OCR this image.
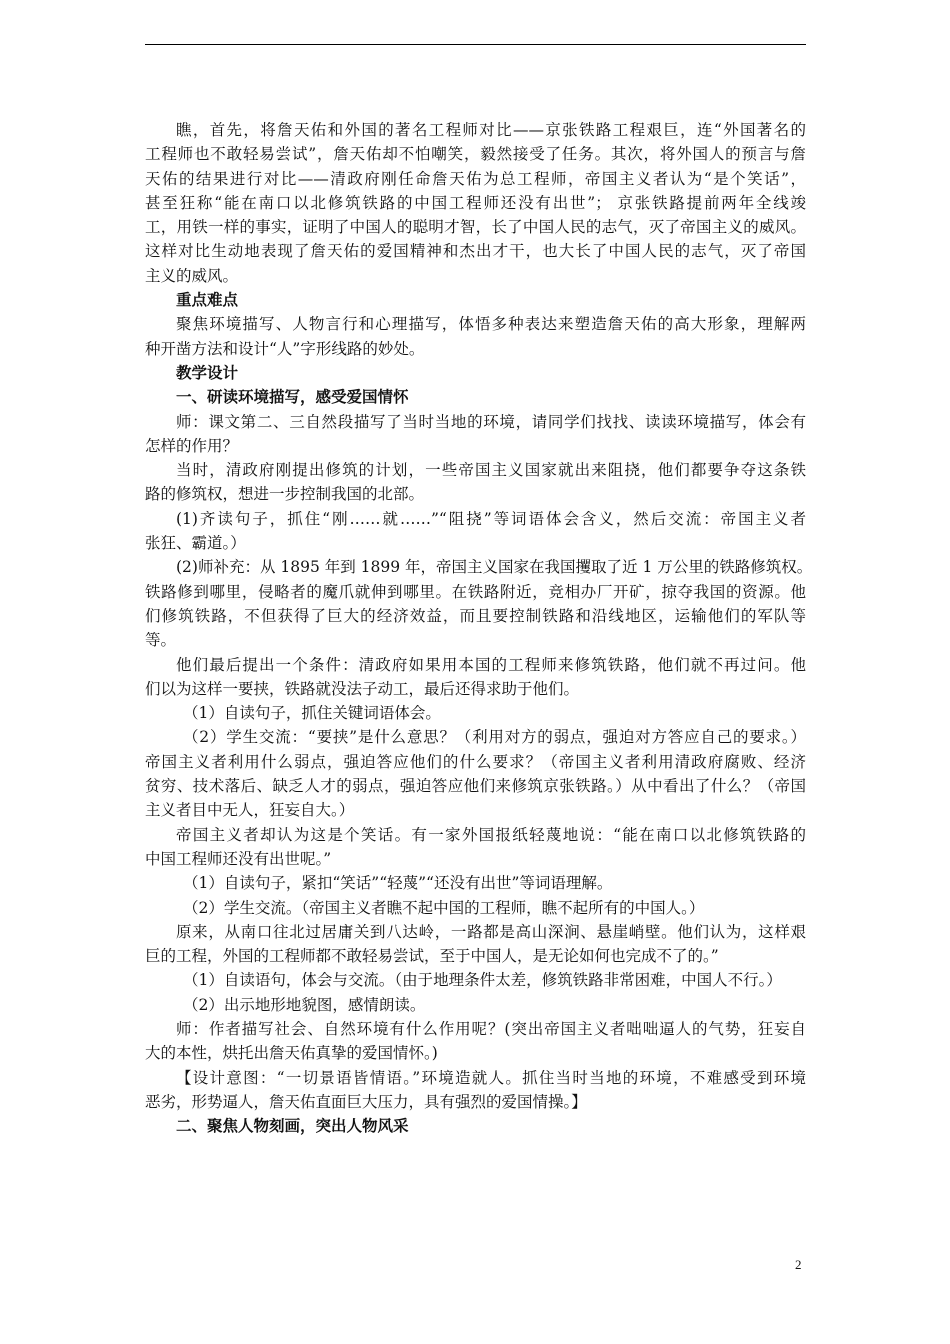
瞧，首先，将詹天佑和外国的著名工程师对比——京张铁路工程艰巨，连“外国著名的
工程师也不敢轻易尝试”，詹天佑却不怕嘲笑，毅然接受了任务。其次，将外国人的预言与詹
天佑的结果进行对比——清政府刚任命詹天佑为总工程师，帝国主义者认为“是个笑话”，
甚至狂称“能在南口以北修筑铁路的中国工程师还没有出世”； 京张铁路提前两年全线竣
工，用铁一样的事实，证明了中国人的聪明才智，长了中国人民的志气，灭了帝国主义的威风。
这样对比生动地表现了詹天佑的爱国精神和杰出才干，也大长了中国人民的志气，灭了帝国
主义的威风。
重点难点
聚焦环境描写、人物言行和心理描写，体悟多种表达来塑造詹天佑的高大形象，理解两
种开凿方法和设计“人”字形线路的妙处。
教学设计
一、研读环境描写，感受爱国情怀
师：课文第二、三自然段描写了当时当地的环境，请同学们找找、读读环境描写，体会有
怎样的作用？
当时，清政府刚提出修筑的计划，一些帝国主义国家就出来阻挠，他们都要争夺这条铁
路的修筑权，想进一步控制我国的北部。
(1)齐读句子，抓住“刚……就……”“阻挠”等词语体会含义，然后交流：帝国主义者
张狂、霸道。）
(2)师补充：从 1895 年到 1899 年，帝国主义国家在我国攫取了近 1 万公里的铁路修筑权。
铁路修到哪里，侵略者的魔爪就伸到哪里。在铁路附近，竞相办厂开矿，掠夺我国的资源。他
们修筑铁路，不但获得了巨大的经济效益，而且要控制铁路和沿线地区，运输他们的军队等
等。
他们最后提出一个条件：清政府如果用本国的工程师来修筑铁路，他们就不再过问。他
们以为这样一要挟，铁路就没法子动工，最后还得求助于他们。
（1）自读句子，抓住关键词语体会。
（2）学生交流：“要挟”是什么意思？（利用对方的弱点，强迫对方答应自己的要求。）
帝国主义者利用什么弱点，强迫答应他们的什么要求？（帝国主义者利用清政府腐败、经济
贫穷、技术落后、缺乏人才的弱点，强迫答应他们来修筑京张铁路。）从中看出了什么？（帝国
主义者目中无人，狂妄自大。）
帝国主义者却认为这是个笑话。有一家外国报纸轻蔑地说：“能在南口以北修筑铁路的
中国工程师还没有出世呢。”
（1）自读句子，紧扣“笑话”“轻蔑”“还没有出世”等词语理解。
（2）学生交流。（帝国主义者瞧不起中国的工程师，瞧不起所有的中国人。）
原来，从南口往北过居庸关到八达岭，一路都是高山深涧、悬崖峭壁。他们认为，这样艰
巨的工程，外国的工程师都不敢轻易尝试，至于中国人，是无论如何也完成不了的。”
（1）自读语句，体会与交流。（由于地理条件太差，修筑铁路非常困难，中国人不行。）
（2）出示地形地貌图，感情朗读。
师：作者描写社会、自然环境有什么作用呢？(突出帝国主义者咄咄逼人的气势，狂妄自
大的本性，烘托出詹天佑真挚的爱国情怀。)
【设计意图：“一切景语皆情语。”环境造就人。抓住当时当地的环境，不难感受到环境
恶劣，形势逼人，詹天佑直面巨大压力，具有强烈的爱国情操。】
二、聚焦人物刻画，突出人物风采
2
